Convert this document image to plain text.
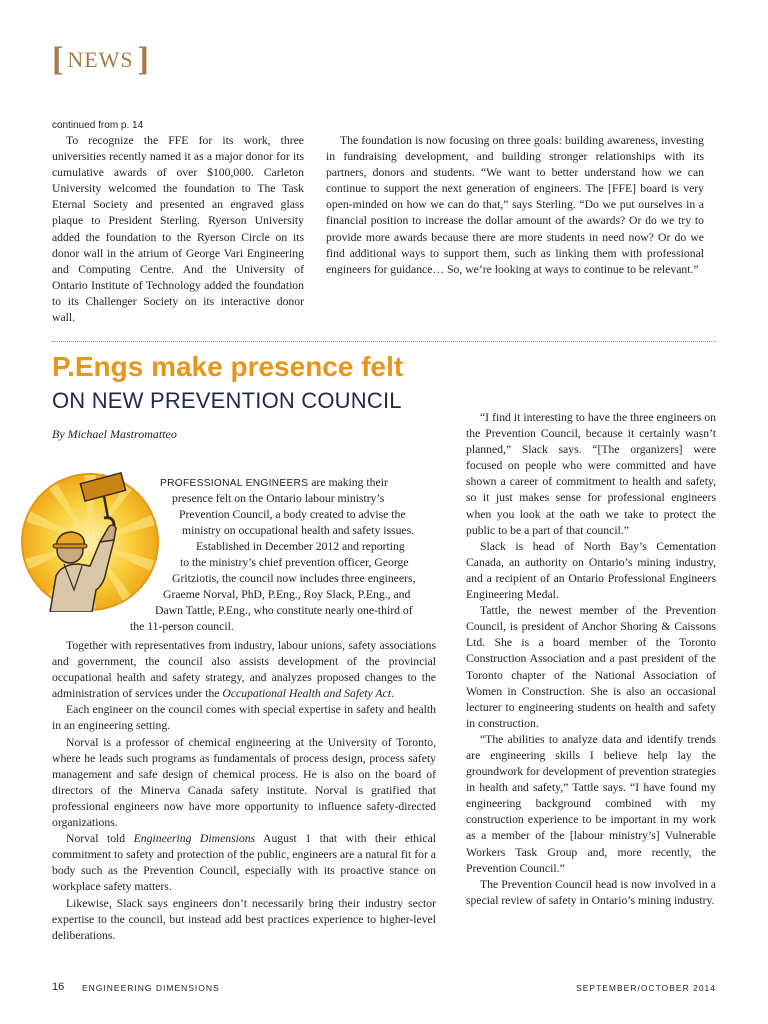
[ NEWS ]
continued from p. 14

To recognize the FFE for its work, three universities recently named it as a major donor for its cumulative awards of over $100,000. Carleton University welcomed the foundation to The Task Eternal Society and presented an engraved glass plaque to President Sterling. Ryerson University added the foundation to the Ryerson Circle on its donor wall in the atrium of George Vari Engineering and Computing Centre. And the University of Ontario Institute of Technology added the foundation to its Challenger Society on its interactive donor wall.

The foundation is now focusing on three goals: building awareness, investing in fundraising development, and building stronger relationships with its partners, donors and students. “We want to better understand how we can continue to support the next generation of engineers. The [FFE] board is very open-minded on how we can do that,” says Sterling. “Do we put ourselves in a financial position to increase the dollar amount of the awards? Or do we try to provide more awards because there are more students in need now? Or do we find additional ways to support them, such as linking them with professional engineers for guidance… So, we’re looking at ways to continue to be relevant.”

P.Engs make presence felt
ON NEW PREVENTION COUNCIL
By Michael Mastromatteo
PROFESSIONAL ENGINEERS are making their
presence felt on the Ontario labour ministry’s
Prevention Council, a body created to advise the
ministry on occupational health and safety issues.
Established in December 2012 and reporting
to the ministry’s chief prevention officer, George
Gritziotis, the council now includes three engineers,
Graeme Norval, PhD, P.Eng., Roy Slack, P.Eng., and
Dawn Tattle, P.Eng., who constitute nearly one-third of
the 11-person council.

Together with representatives from industry, labour unions, safety associations and government, the council also assists development of the provincial occupational health and safety strategy, and analyzes proposed changes to the administration of services under the Occupational Health and Safety Act.

Each engineer on the council comes with special expertise in safety and health in an engineering setting.

Norval is a professor of chemical engineering at the University of Toronto, where he leads such programs as fundamentals of process design, process safety management and safe design of chemical process. He is also on the board of directors of the Minerva Canada safety institute. Norval is gratified that professional engineers now have more opportunity to influence safety-directed organizations.

Norval told Engineering Dimensions August 1 that with their ethical commitment to safety and protection of the public, engineers are a natural fit for a body such as the Prevention Council, especially with its proactive stance on workplace safety matters.

Likewise, Slack says engineers don’t necessarily bring their industry sector expertise to the council, but instead add best practices experience to higher-level deliberations.

“I find it interesting to have the three engineers on the Prevention Council, because it certainly wasn’t planned,” Slack says. “[The organizers] were focused on people who were committed and have shown a career of commitment to health and safety, so it just makes sense for professional engineers when you look at the oath we take to protect the public to be a part of that council.”

Slack is head of North Bay’s Cementation Canada, an authority on Ontario’s mining industry, and a recipient of an Ontario Professional Engineers Engineering Medal.

Tattle, the newest member of the Prevention Council, is president of Anchor Shoring & Caissons Ltd. She is a board member of the Toronto Construction Association and a past president of the Toronto chapter of the National Association of Women in Construction. She is also an occasional lecturer to engineering students on health and safety in construction.

“The abilities to analyze data and identify trends are engineering skills I believe help lay the groundwork for development of prevention strategies in health and safety,” Tattle says. “I have found my engineering background combined with my construction experience to be important in my work as a member of the [labour ministry’s] Vulnerable Workers Task Group and, more recently, the Prevention Council.”

The Prevention Council head is now involved in a special review of safety in Ontario’s mining industry.

16 ENGINEERING DIMENSIONS	SEPTEMBER/OCTOBER 2014
